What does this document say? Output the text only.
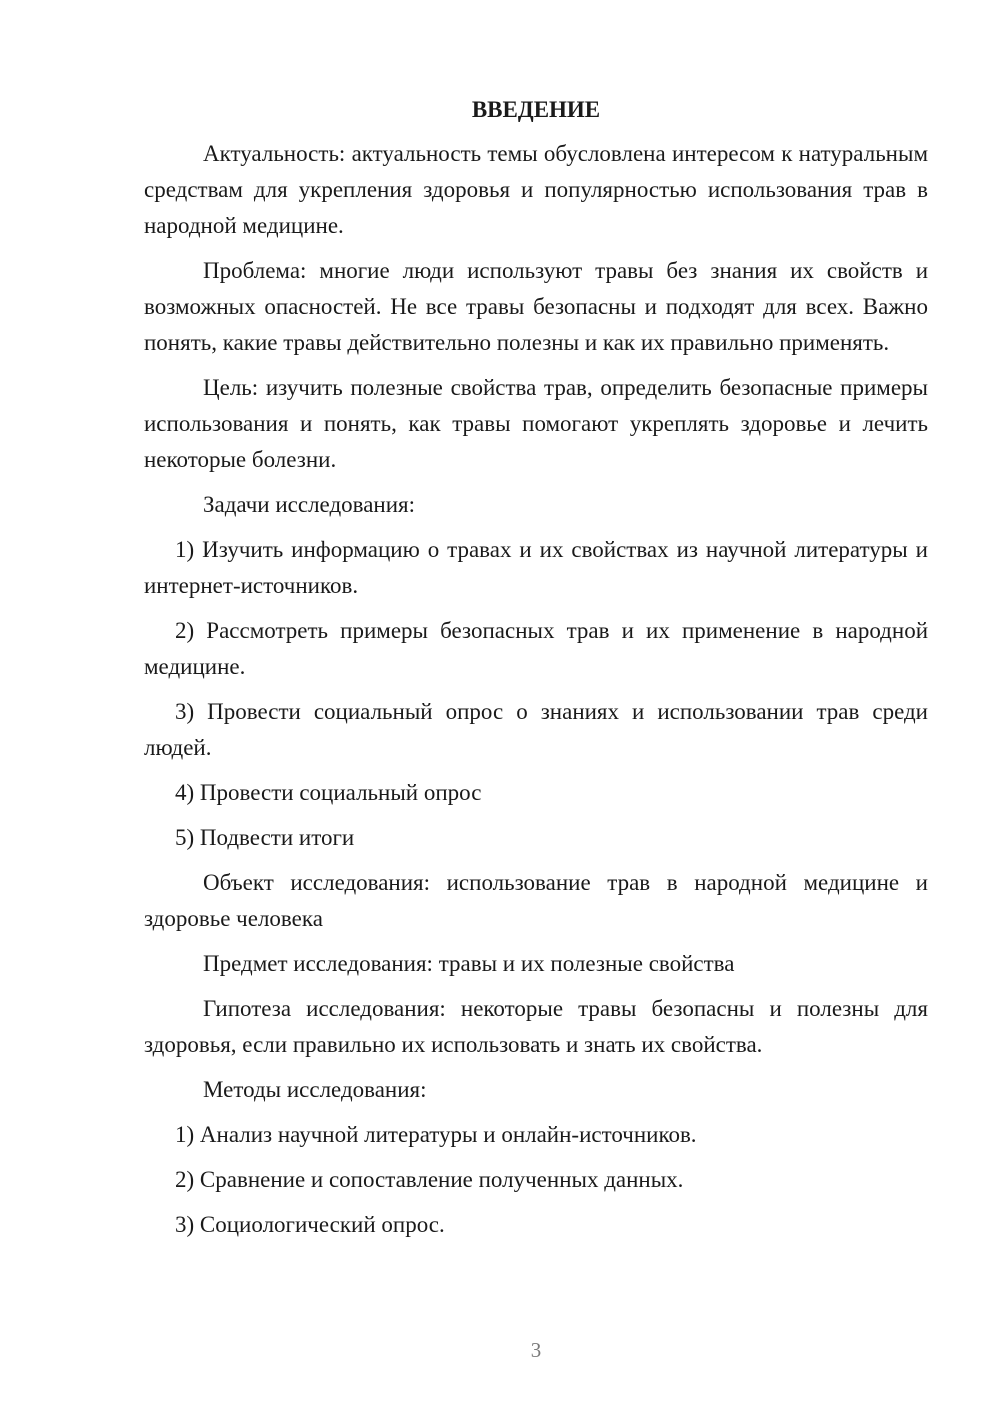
ВВЕДЕНИЕ

Актуальность: актуальность темы обусловлена интересом к натуральным средствам для укрепления здоровья и популярностью использования трав в народной медицине.

Проблема: многие люди используют травы без знания их свойств и возможных опасностей. Не все травы безопасны и подходят для всех. Важно понять, какие травы действительно полезны и как их правильно применять.

Цель: изучить полезные свойства трав, определить безопасные примеры использования и понять, как травы помогают укреплять здоровье и лечить некоторые болезни.

Задачи исследования:

1) Изучить информацию о травах и их свойствах из научной литературы и интернет-источников.

2) Рассмотреть примеры безопасных трав и их применение в народной медицине.

3) Провести социальный опрос о знаниях и использовании трав среди людей.

4) Провести социальный опрос

5) Подвести итоги

Объект исследования: использование трав в народной медицине и здоровье человека

Предмет исследования: травы и их полезные свойства

Гипотеза исследования: некоторые травы безопасны и полезны для здоровья, если правильно их использовать и знать их свойства.

Методы исследования:

1) Анализ научной литературы и онлайн-источников.

2) Сравнение и сопоставление полученных данных.

3) Социологический опрос.

3
